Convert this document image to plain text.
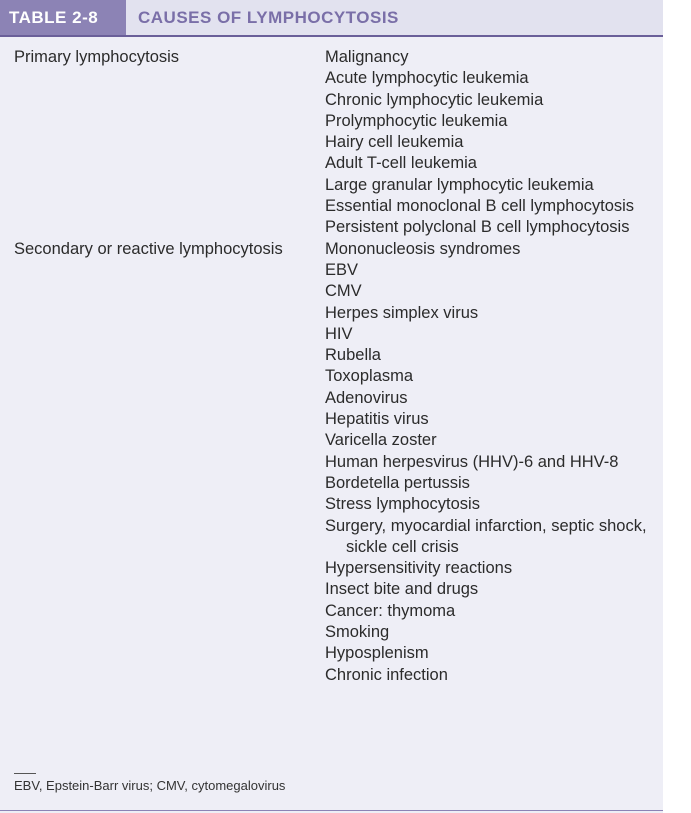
TABLE 2-8	CAUSES OF LYMPHOCYTOSIS
Primary lymphocytosis	Malignancy
Acute lymphocytic leukemia
Chronic lymphocytic leukemia
Prolymphocytic leukemia
Hairy cell leukemia
Adult T-cell leukemia
Large granular lymphocytic leukemia
Essential monoclonal B cell lymphocytosis
Persistent polyclonal B cell lymphocytosis
Secondary or reactive lymphocytosis	Mononucleosis syndromes
EBV
CMV
Herpes simplex virus
HIV
Rubella
Toxoplasma
Adenovirus
Hepatitis virus
Varicella zoster
Human herpesvirus (HHV)-6 and HHV-8
Bordetella pertussis
Stress lymphocytosis
Surgery, myocardial infarction, septic shock, sickle cell crisis
Hypersensitivity reactions
Insect bite and drugs
Cancer: thymoma
Smoking
Hyposplenism
Chronic infection
EBV, Epstein-Barr virus; CMV, cytomegalovirus
